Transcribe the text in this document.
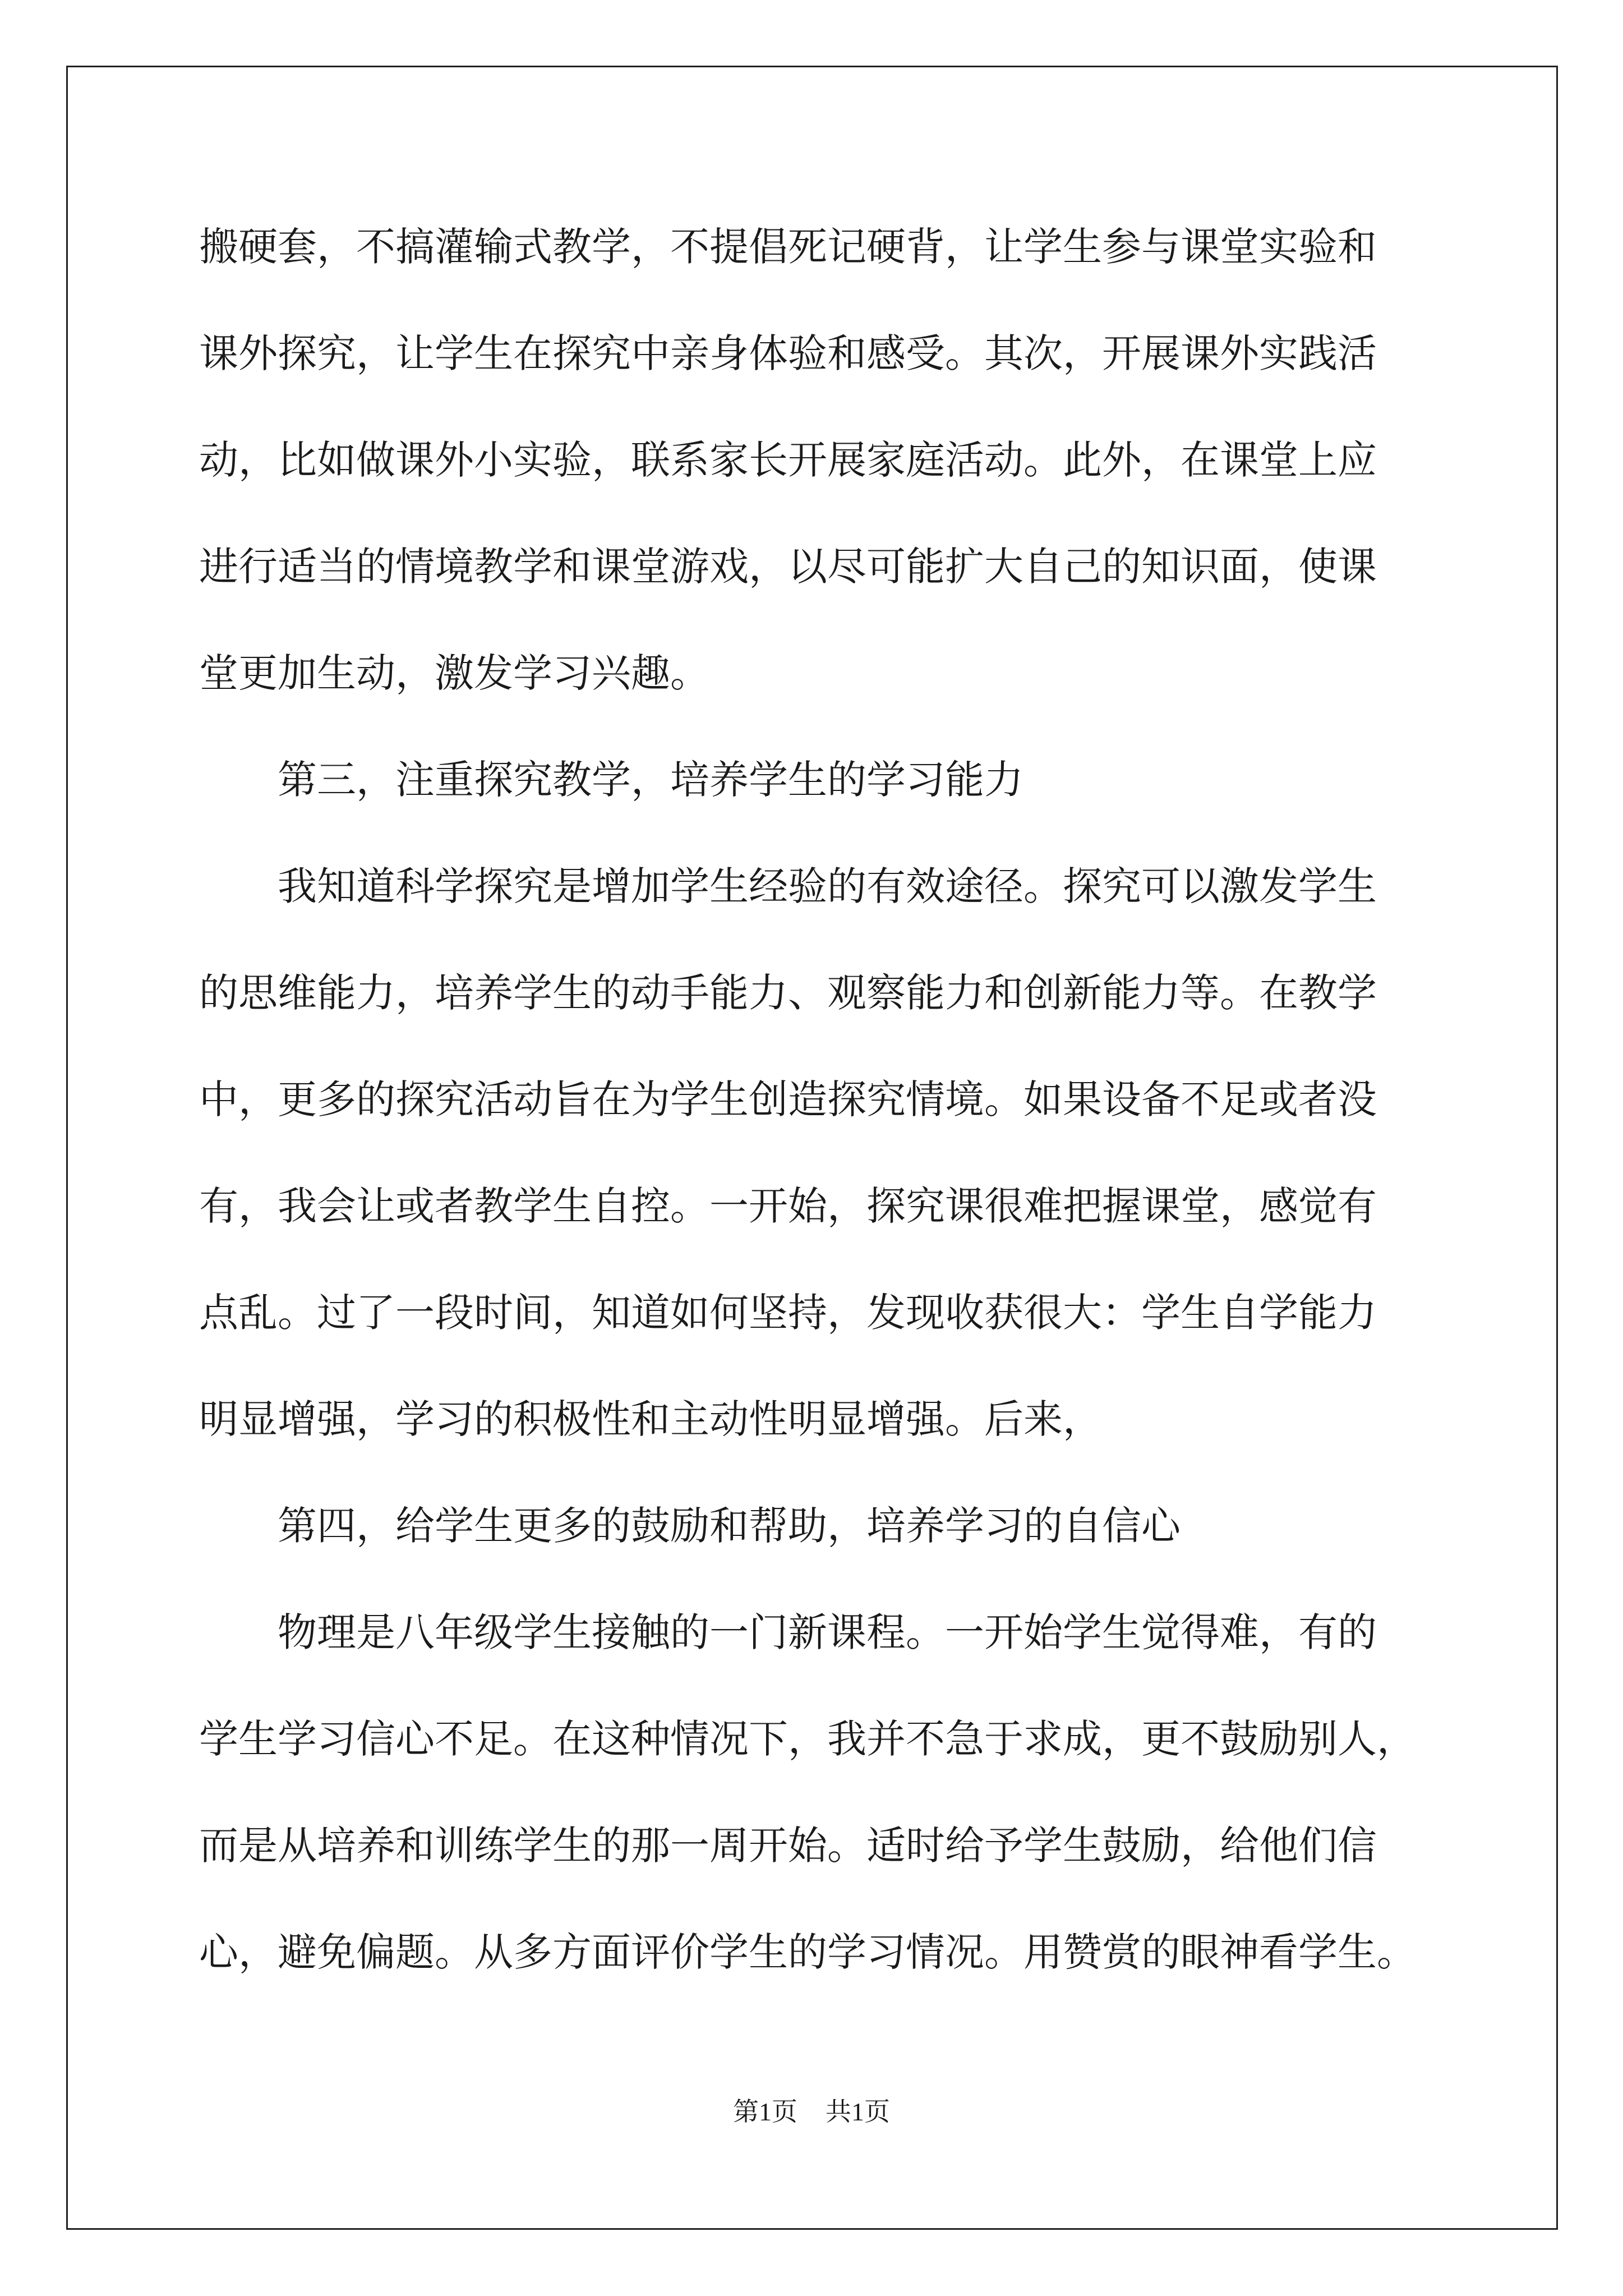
搬硬套，不搞灌输式教学，不提倡死记硬背，让学生参与课堂实验和
课外探究，让学生在探究中亲身体验和感受。其次，开展课外实践活
动，比如做课外小实验，联系家长开展家庭活动。此外，在课堂上应
进行适当的情境教学和课堂游戏，以尽可能扩大自己的知识面，使课
堂更加生动，激发学习兴趣。
第三，注重探究教学，培养学生的学习能力
我知道科学探究是增加学生经验的有效途径。探究可以激发学生
的思维能力，培养学生的动手能力、观察能力和创新能力等。在教学
中，更多的探究活动旨在为学生创造探究情境。如果设备不足或者没
有，我会让或者教学生自控。一开始，探究课很难把握课堂，感觉有
点乱。过了一段时间，知道如何坚持，发现收获很大：学生自学能力
明显增强，学习的积极性和主动性明显增强。后来，
第四，给学生更多的鼓励和帮助，培养学习的自信心
物理是八年级学生接触的一门新课程。一开始学生觉得难，有的
学生学习信心不足。在这种情况下，我并不急于求成，更不鼓励别人，
而是从培养和训练学生的那一周开始。适时给予学生鼓励，给他们信
心，避免偏题。从多方面评价学生的学习情况。用赞赏的眼神看学生。
第1页 共1页
